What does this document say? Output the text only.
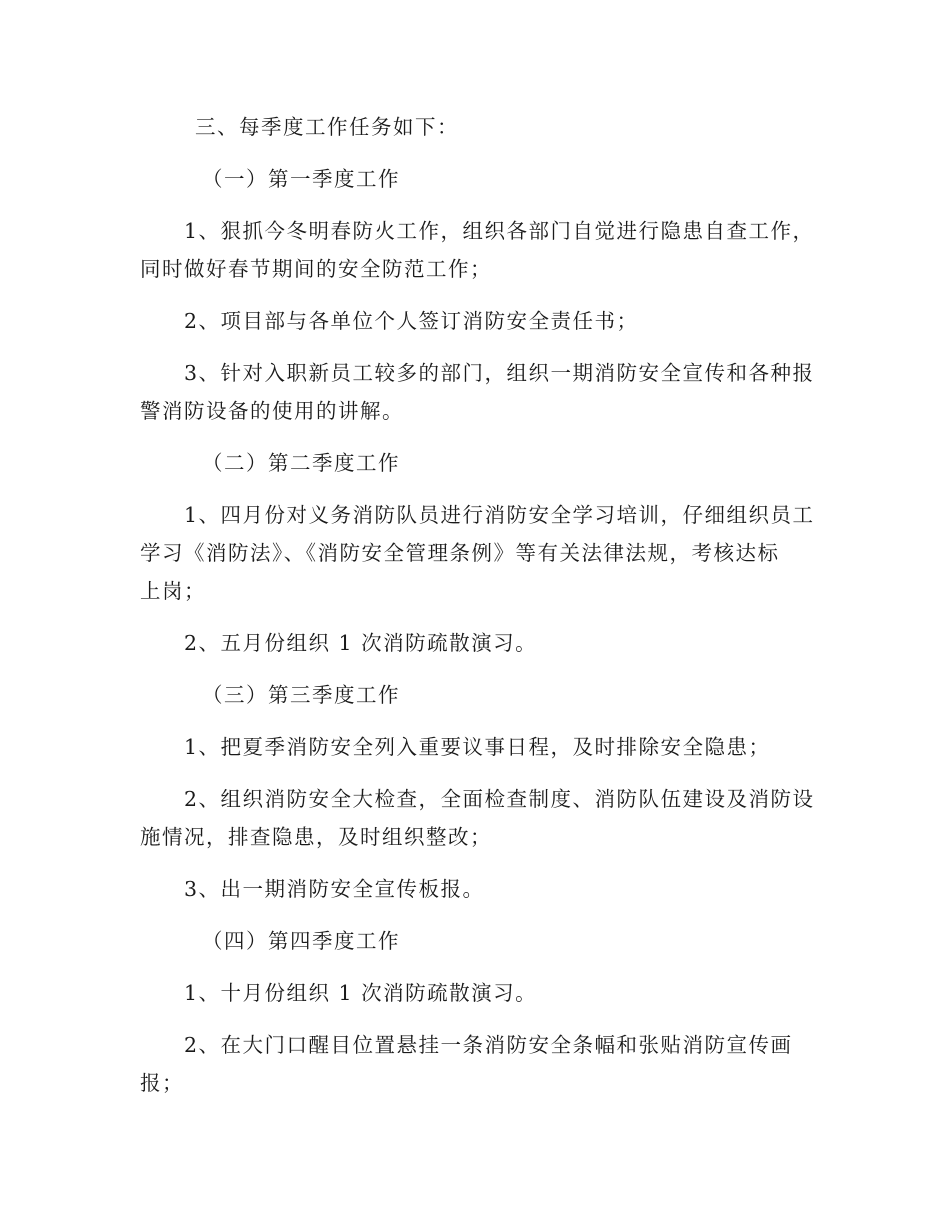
三、每季度工作任务如下：

（一）第一季度工作

1、狠抓今冬明春防火工作，组织各部门自觉进行隐患自查工作，

同时做好春节期间的安全防范工作；

2、项目部与各单位个人签订消防安全责任书；

3、针对入职新员工较多的部门，组织一期消防安全宣传和各种报

警消防设备的使用的讲解。

（二）第二季度工作

1、四月份对义务消防队员进行消防安全学习培训，仔细组织员工

学习《消防法》、《消防安全管理条例》等有关法律法规，考核达标

上岗；

2、五月份组织 1 次消防疏散演习。

（三）第三季度工作

1、把夏季消防安全列入重要议事日程，及时排除安全隐患；

2、组织消防安全大检查，全面检查制度、消防队伍建设及消防设

施情况，排查隐患，及时组织整改；

3、出一期消防安全宣传板报。

（四）第四季度工作

1、十月份组织 1 次消防疏散演习。

2、在大门口醒目位置悬挂一条消防安全条幅和张贴消防宣传画

报；
